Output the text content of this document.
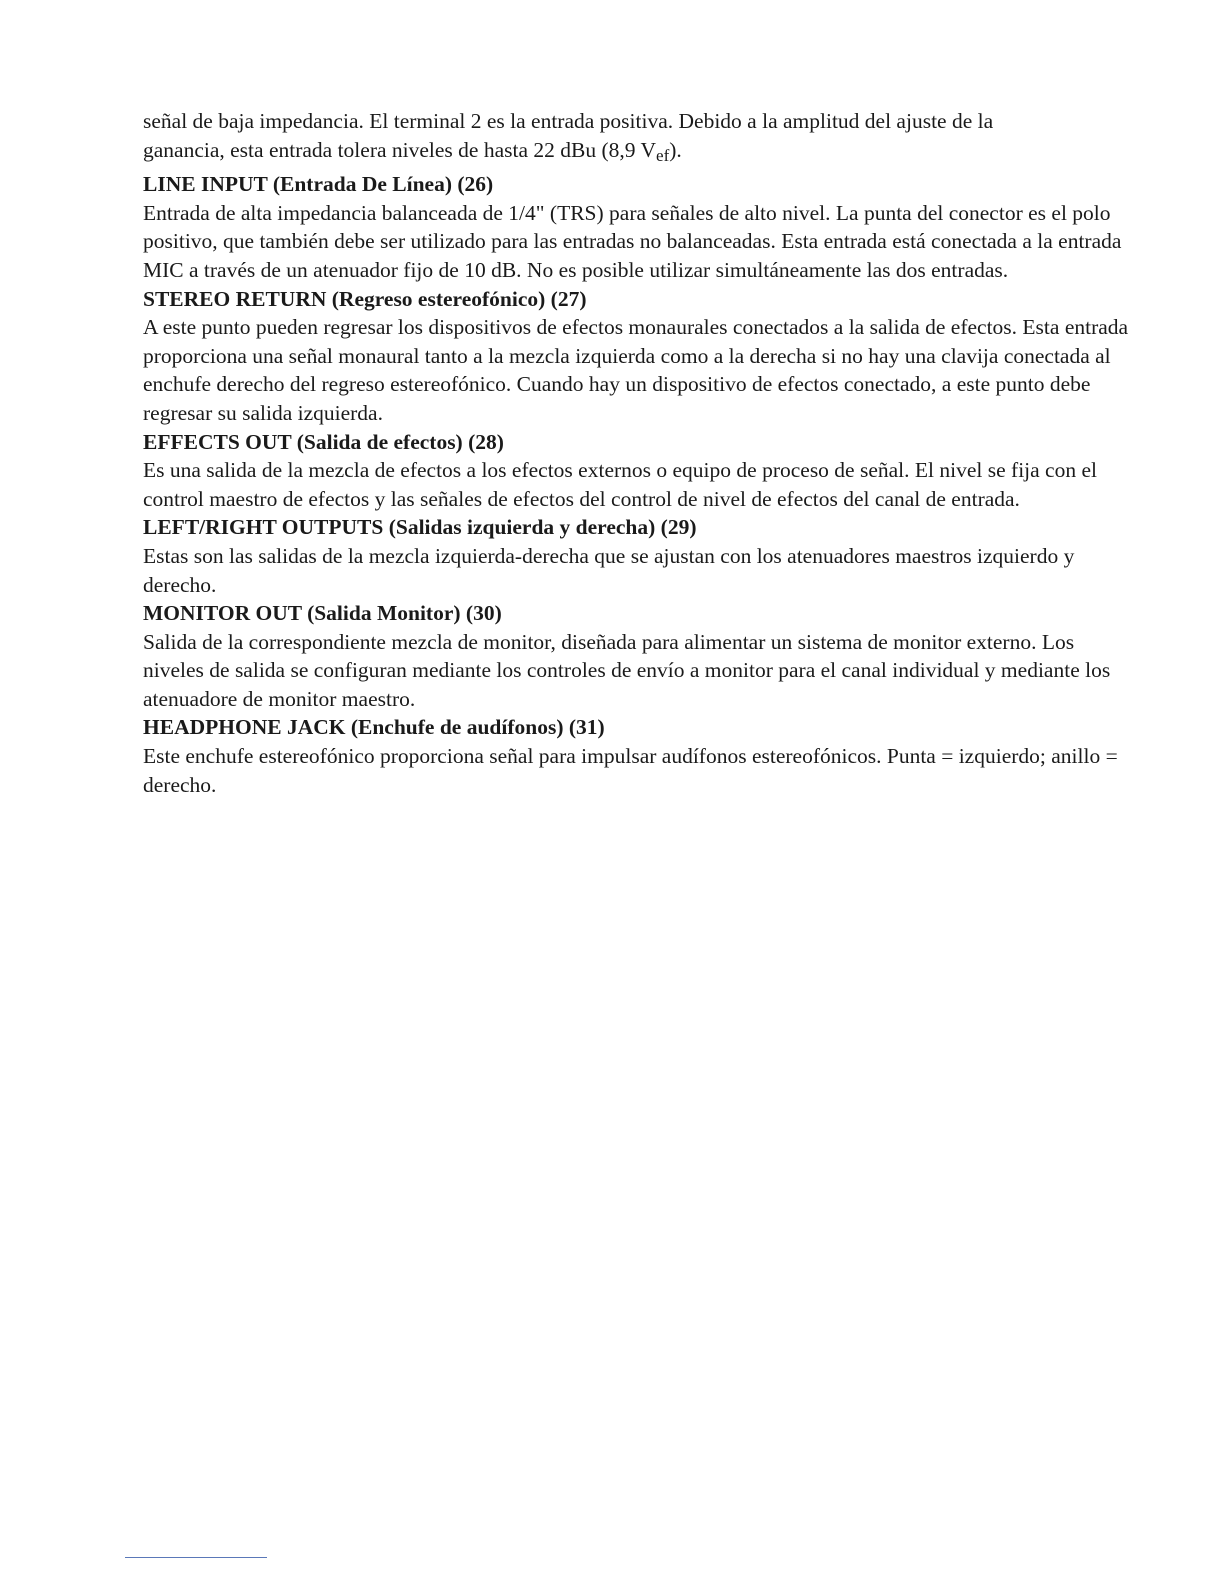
señal de baja impedancia. El terminal 2 es la entrada positiva. Debido a la amplitud del ajuste de la
ganancia, esta entrada tolera niveles de hasta 22 dBu (8,9 $V_{ef}$).

LINE INPUT (Entrada De Línea) (26)

Entrada de alta impedancia balanceada de 1/4" (TRS) para señales de alto nivel. La punta del conector es el polo positivo, que también debe ser utilizado para las entradas no balanceadas. Esta entrada está conectada a la entrada MIC a través de un atenuador fijo de 10 dB. No es posible utilizar simultáneamente las dos entradas.

STEREO RETURN (Regreso estereofónico) (27)

A este punto pueden regresar los dispositivos de efectos monaurales conectados a la salida de efectos. Esta entrada proporciona una señal monaural tanto a la mezcla izquierda como a la derecha si no hay una clavija conectada al enchufe derecho del regreso estereofónico. Cuando hay un dispositivo de efectos conectado, a este punto debe regresar su salida izquierda.

EFFECTS OUT (Salida de efectos) (28)

Es una salida de la mezcla de efectos a los efectos externos o equipo de proceso de señal. El nivel se fija con el control maestro de efectos y las señales de efectos del control de nivel de efectos del canal de entrada.

LEFT/RIGHT OUTPUTS (Salidas izquierda y derecha) (29)

Estas son las salidas de la mezcla izquierda-derecha que se ajustan con los atenuadores maestros izquierdo y derecho.

MONITOR OUT (Salida Monitor) (30)

Salida de la correspondiente mezcla de monitor, diseñada para alimentar un sistema de monitor externo. Los niveles de salida se configuran mediante los controles de envío a monitor para el canal individual y mediante los atenuadore de monitor maestro.

HEADPHONE JACK (Enchufe de audífonos) (31)

Este enchufe estereofónico proporciona señal para impulsar audífonos estereofónicos. Punta = izquierdo; anillo = derecho.
